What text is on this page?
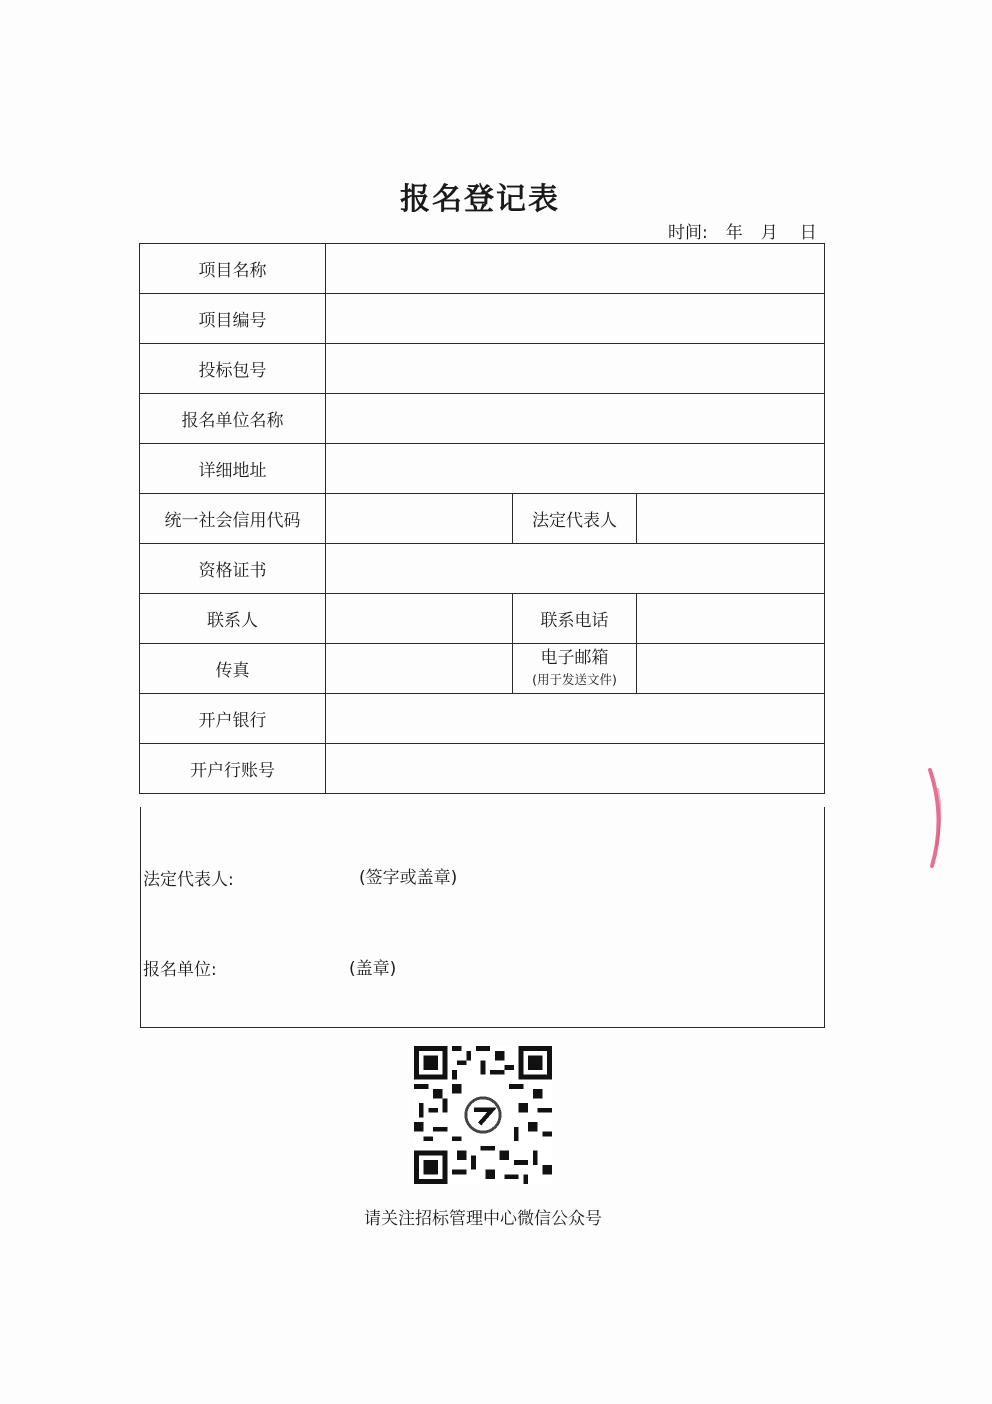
报名登记表
时间: 年 月 日
项目名称			
项目编号			
投标包号			
报名单位名称			
详细地址			
统一社会信用代码		法定代表人	
资格证书			
联系人		联系电话	
传真		电子邮箱
(用于发送文件)	

开户银行			
开户行账号			
法定代表人:	(签字或盖章)
报名单位:	(盖章)
请关注招标管理中心微信公众号
